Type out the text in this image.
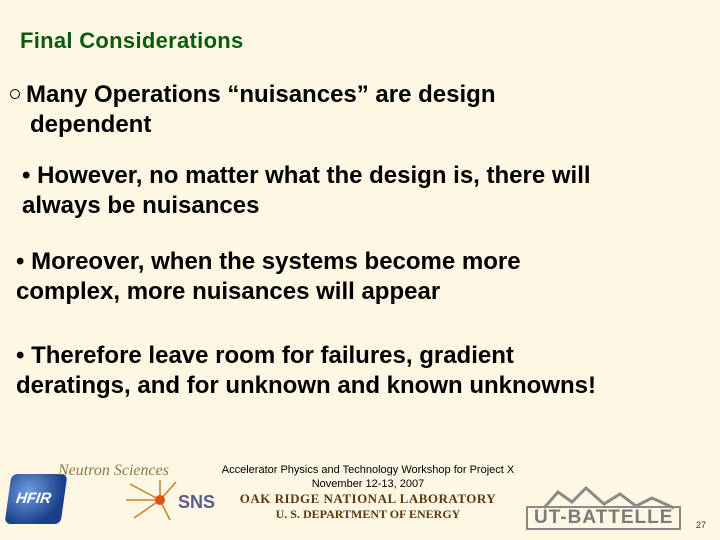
Final Considerations
Many Operations “nuisances” are design
dependent
• However, no matter what the design is, there will
always be nuisances
• Moreover, when the systems become more
complex, more nuisances will appear
• Therefore leave room for failures, gradient
deratings, and for unknown and known unknowns!
HFIR
Neutron Sciences
SNS
Accelerator Physics and Technology Workshop for Project X
November 12-13, 2007
OAK RIDGE NATIONAL LABORATORY
U. S. DEPARTMENT OF ENERGY	UT-BATTELLE	27
